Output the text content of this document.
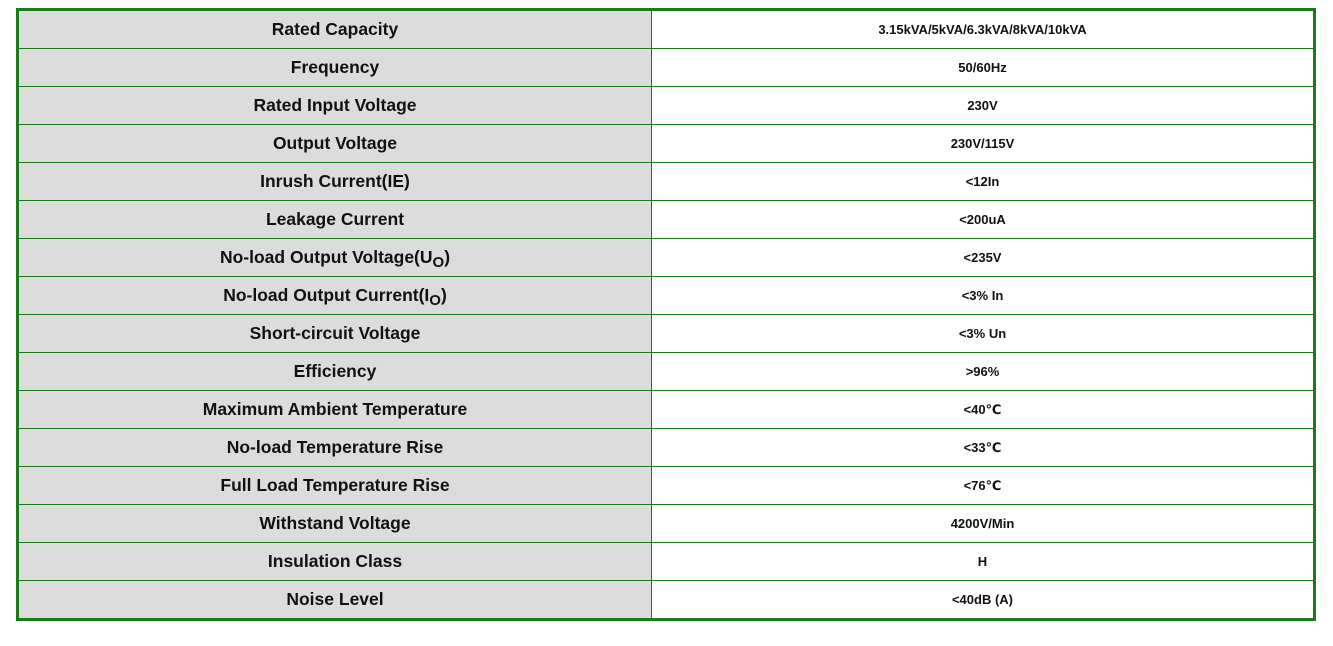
Rated Capacity	3.15kVA/5kVA/6.3kVA/8kVA/10kVA
Frequency	50/60Hz
Rated Input Voltage	230V
Output Voltage	230V/115V
Inrush Current(IE)	<12In
Leakage Current	<200uA
No-load Output Voltage(UO)	<235V
No-load Output Current(IO)	<3% In
Short-circuit Voltage	<3% Un
Efficiency	>96%
Maximum Ambient Temperature	<40℃
No-load Temperature Rise	<33℃
Full Load Temperature Rise	<76℃
Withstand Voltage	4200V/Min
Insulation Class	H
Noise Level	<40dB (A)
